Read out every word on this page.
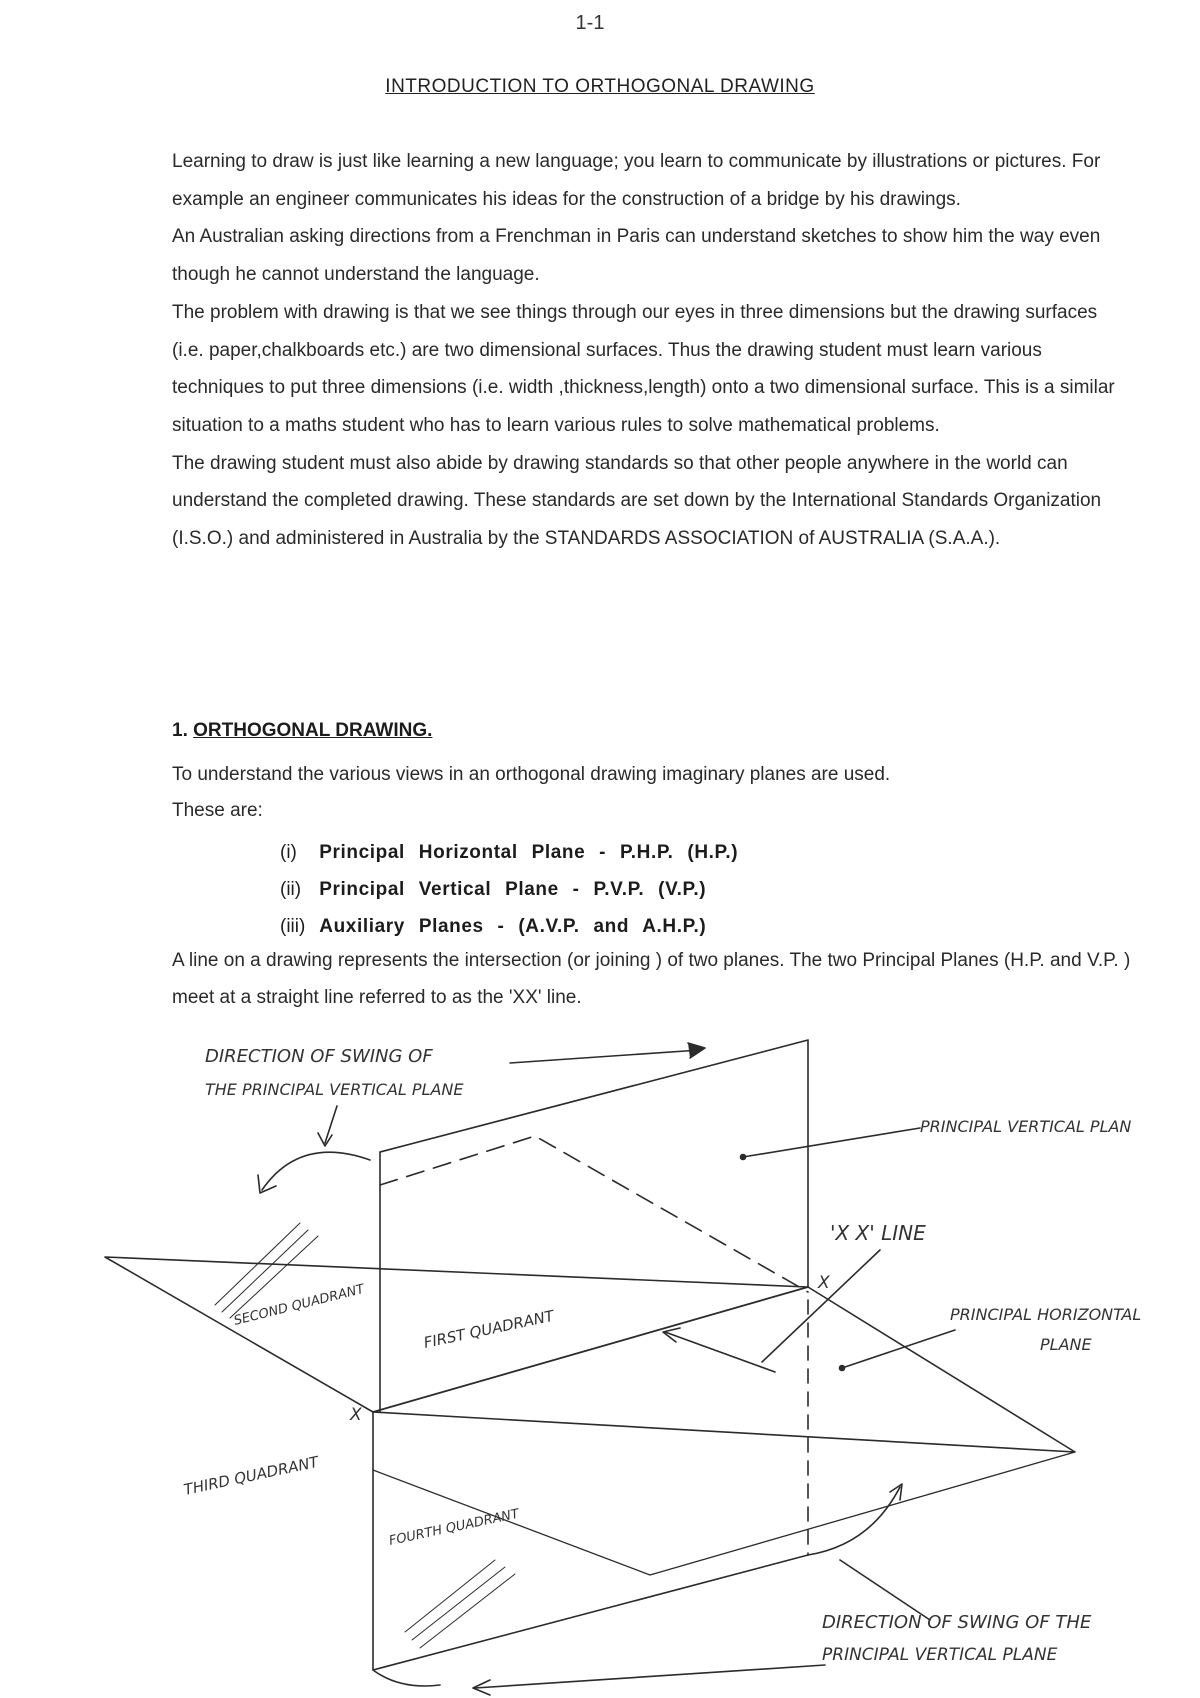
1-1
INTRODUCTION TO ORTHOGONAL DRAWING

Learning to draw is just like learning a new language; you learn to communicate by illustrations or pictures. For example an engineer communicates his ideas for the construction of a bridge by his drawings.

An Australian asking directions from a Frenchman in Paris can understand sketches to show him the way even though he cannot understand the language.

The problem with drawing is that we see things through our eyes in three dimensions but the drawing surfaces (i.e. paper,chalkboards etc.) are two dimensional surfaces. Thus the drawing student must learn various techniques to put three dimensions (i.e. width ,thickness,length) onto a two dimensional surface. This is a similar situation to a maths student who has to learn various rules to solve mathematical problems.

The drawing student must also abide by drawing standards so that other people anywhere in the world can understand the completed drawing. These standards are set down by the International Standards Organization (I.S.O.) and administered in Australia by the STANDARDS ASSOCIATION of AUSTRALIA (S.A.A.).

1. ORTHOGONAL DRAWING.

To understand the various views in an orthogonal drawing imaginary planes are used.

These are:

(i) Principal Horizontal Plane - P.H.P. (H.P.)
(ii) Principal Vertical Plane - P.V.P. (V.P.)
(iii) Auxiliary Planes - (A.V.P. and A.H.P.)

A line on a drawing represents the intersection (or joining ) of two planes. The two Principal Planes (H.P. and V.P. ) meet at a straight line referred to as the 'XX' line.

X
X
DIRECTION OF SWING OF
THE PRINCIPAL VERTICAL PLANE
PRINCIPAL VERTICAL PLAN
'X X' LINE
PRINCIPAL HORIZONTAL
PLANE
FIRST QUADRANT
SECOND QUADRANT
THIRD QUADRANT
FOURTH QUADRANT
DIRECTION OF SWING OF THE
PRINCIPAL VERTICAL PLANE
